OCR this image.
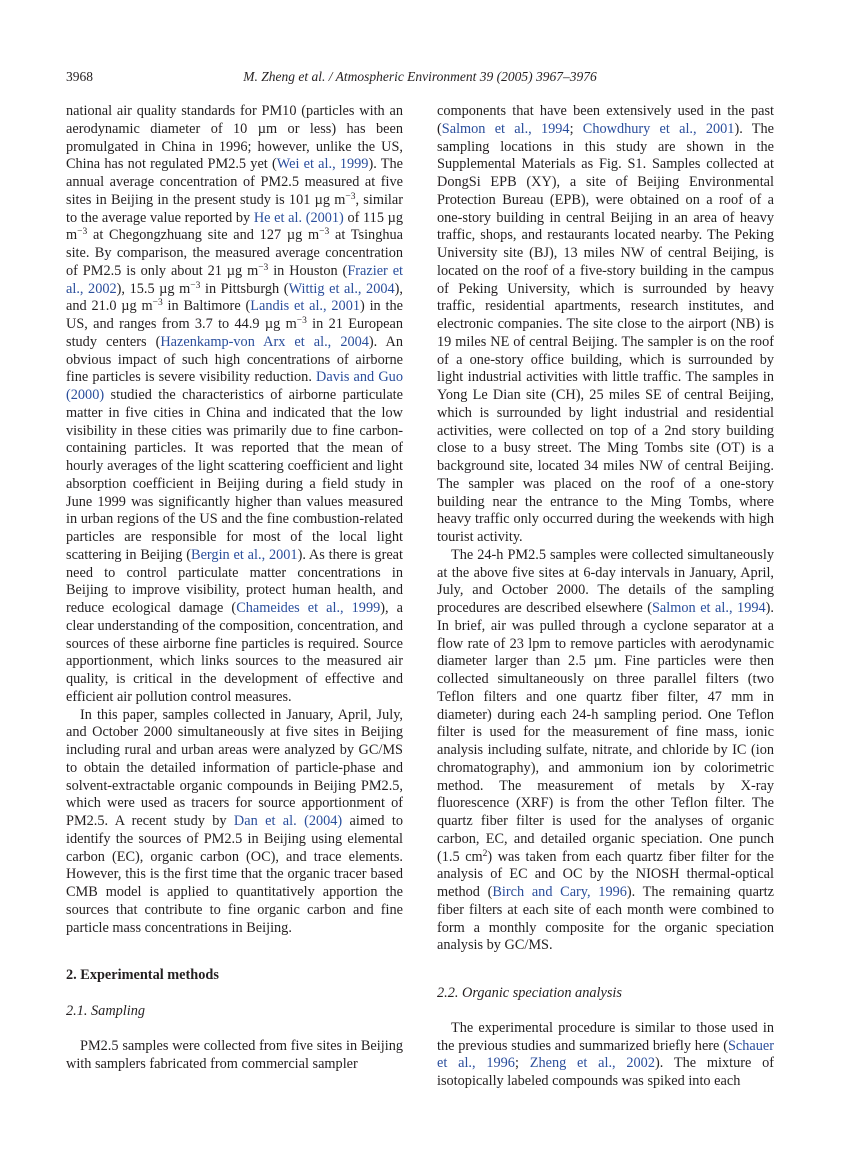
3968	M. Zheng et al. / Atmospheric Environment 39 (2005) 3967–3976

national air quality standards for PM10 (particles with an aerodynamic diameter of 10 µm or less) has been promulgated in China in 1996; however, unlike the US, China has not regulated PM2.5 yet (Wei et al., 1999). The annual average concentration of PM2.5 measured at five sites in Beijing in the present study is 101 µg $m^{-3}$, similar to the average value reported by He et al. (2001) of 115 µg $m^{-3}$ at Chegongzhuang site and 127 µg $m^{-3}$ at Tsinghua site. By comparison, the measured average concentration of PM2.5 is only about 21 µg $m^{-3}$ in Houston (Frazier et al., 2002), 15.5 µg $m^{-3}$ in Pittsburgh (Wittig et al., 2004), and 21.0 µg $m^{-3}$ in Baltimore (Landis et al., 2001) in the US, and ranges from 3.7 to 44.9 µg $m^{-3}$ in 21 European study centers (Hazenkamp-von Arx et al., 2004). An obvious impact of such high concentrations of airborne fine particles is severe visibility reduction. Davis and Guo (2000) studied the characteristics of airborne particulate matter in five cities in China and indicated that the low visibility in these cities was primarily due to fine carbon-containing particles. It was reported that the mean of hourly averages of the light scattering coefficient and light absorption coefficient in Beijing during a field study in June 1999 was significantly higher than values measured in urban regions of the US and the fine combustion-related particles are responsible for most of the local light scattering in Beijing (Bergin et al., 2001). As there is great need to control particulate matter concentrations in Beijing to improve visibility, protect human health, and reduce ecological damage (Chameides et al., 1999), a clear understanding of the composition, concentration, and sources of these airborne fine particles is required. Source apportionment, which links sources to the measured air quality, is critical in the development of effective and efficient air pollution control measures.

In this paper, samples collected in January, April, July, and October 2000 simultaneously at five sites in Beijing including rural and urban areas were analyzed by GC/MS to obtain the detailed information of particle-phase and solvent-extractable organic compounds in Beijing PM2.5, which were used as tracers for source apportionment of PM2.5. A recent study by Dan et al. (2004) aimed to identify the sources of PM2.5 in Beijing using elemental carbon (EC), organic carbon (OC), and trace elements. However, this is the first time that the organic tracer based CMB model is applied to quantitatively apportion the sources that contribute to fine organic carbon and fine particle mass concentrations in Beijing.

2. Experimental methods
2.1. Sampling

PM2.5 samples were collected from five sites in Beijing with samplers fabricated from commercial sampler

components that have been extensively used in the past (Salmon et al., 1994; Chowdhury et al., 2001). The sampling locations in this study are shown in the Supplemental Materials as Fig. S1. Samples collected at DongSi EPB (XY), a site of Beijing Environmental Protection Bureau (EPB), were obtained on a roof of a one-story building in central Beijing in an area of heavy traffic, shops, and restaurants located nearby. The Peking University site (BJ), 13 miles NW of central Beijing, is located on the roof of a five-story building in the campus of Peking University, which is surrounded by heavy traffic, residential apartments, research institutes, and electronic companies. The site close to the airport (NB) is 19 miles NE of central Beijing. The sampler is on the roof of a one-story office building, which is surrounded by light industrial activities with little traffic. The samples in Yong Le Dian site (CH), 25 miles SE of central Beijing, which is surrounded by light industrial and residential activities, were collected on top of a 2nd story building close to a busy street. The Ming Tombs site (OT) is a background site, located 34 miles NW of central Beijing. The sampler was placed on the roof of a one-story building near the entrance to the Ming Tombs, where heavy traffic only occurred during the weekends with high tourist activity.

The 24-h PM2.5 samples were collected simultaneously at the above five sites at 6-day intervals in January, April, July, and October 2000. The details of the sampling procedures are described elsewhere (Salmon et al., 1994). In brief, air was pulled through a cyclone separator at a flow rate of 23 lpm to remove particles with aerodynamic diameter larger than 2.5 µm. Fine particles were then collected simultaneously on three parallel filters (two Teflon filters and one quartz fiber filter, 47 mm in diameter) during each 24-h sampling period. One Teflon filter is used for the measurement of fine mass, ionic analysis including sulfate, nitrate, and chloride by IC (ion chromatography), and ammonium ion by colorimetric method. The measurement of metals by X-ray fluorescence (XRF) is from the other Teflon filter. The quartz fiber filter is used for the analyses of organic carbon, EC, and detailed organic speciation. One punch (1.5 $cm^2$) was taken from each quartz fiber filter for the analysis of EC and OC by the NIOSH thermal-optical method (Birch and Cary, 1996). The remaining quartz fiber filters at each site of each month were combined to form a monthly composite for the organic speciation analysis by GC/MS.

2.2. Organic speciation analysis

The experimental procedure is similar to those used in the previous studies and summarized briefly here (Schauer et al., 1996; Zheng et al., 2002). The mixture of isotopically labeled compounds was spiked into each
